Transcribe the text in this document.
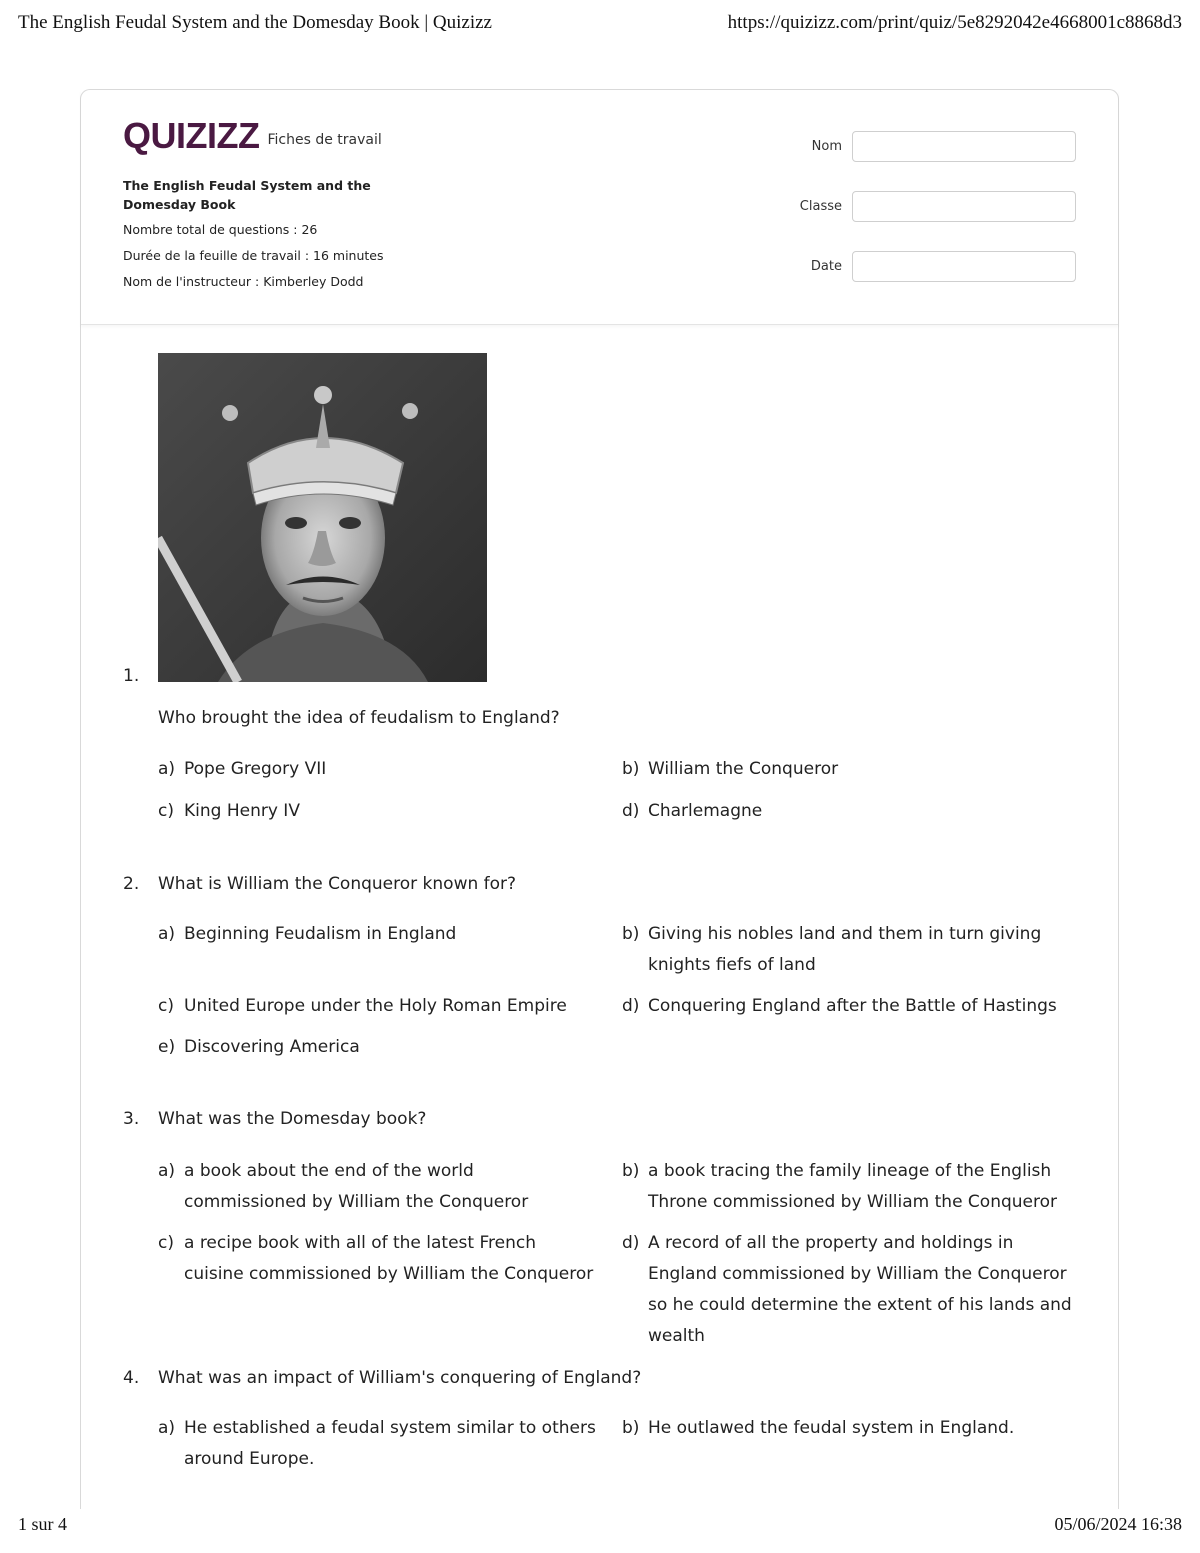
The English Feudal System and the Domesday Book | Quizizz	https://quizizz.com/print/quiz/5e8292042e4668001c8868d3
QUIZIZZ Fiches de travail
The English Feudal System and the Domesday Book
Nombre total de questions : 26
Durée de la feuille de travail : 16 minutes
Nom de l'instructeur : Kimberley Dodd
Nom
Classe
Date
1.
Who brought the idea of feudalism to England?
a) Pope Gregory VII	b) William the Conqueror
c) King Henry IV	d) Charlemagne
2. What is William the Conqueror known for?
a) Beginning Feudalism in England	b) Giving his nobles land and them in turn giving knights fiefs of land
c) United Europe under the Holy Roman Empire	d) Conquering England after the Battle of Hastings
e) Discovering America
3. What was the Domesday book?
a) a book about the end of the world commissioned by William the Conqueror
b) a book tracing the family lineage of the English Throne commissioned by William the Conqueror
c) a recipe book with all of the latest French cuisine commissioned by William the Conqueror
d) A record of all the property and holdings in England commissioned by William the Conqueror so he could determine the extent of his lands and wealth
4. What was an impact of William's conquering of England?
a) He established a feudal system similar to others around Europe.
b) He outlawed the feudal system in England.
1 sur 4	05/06/2024 16:38
